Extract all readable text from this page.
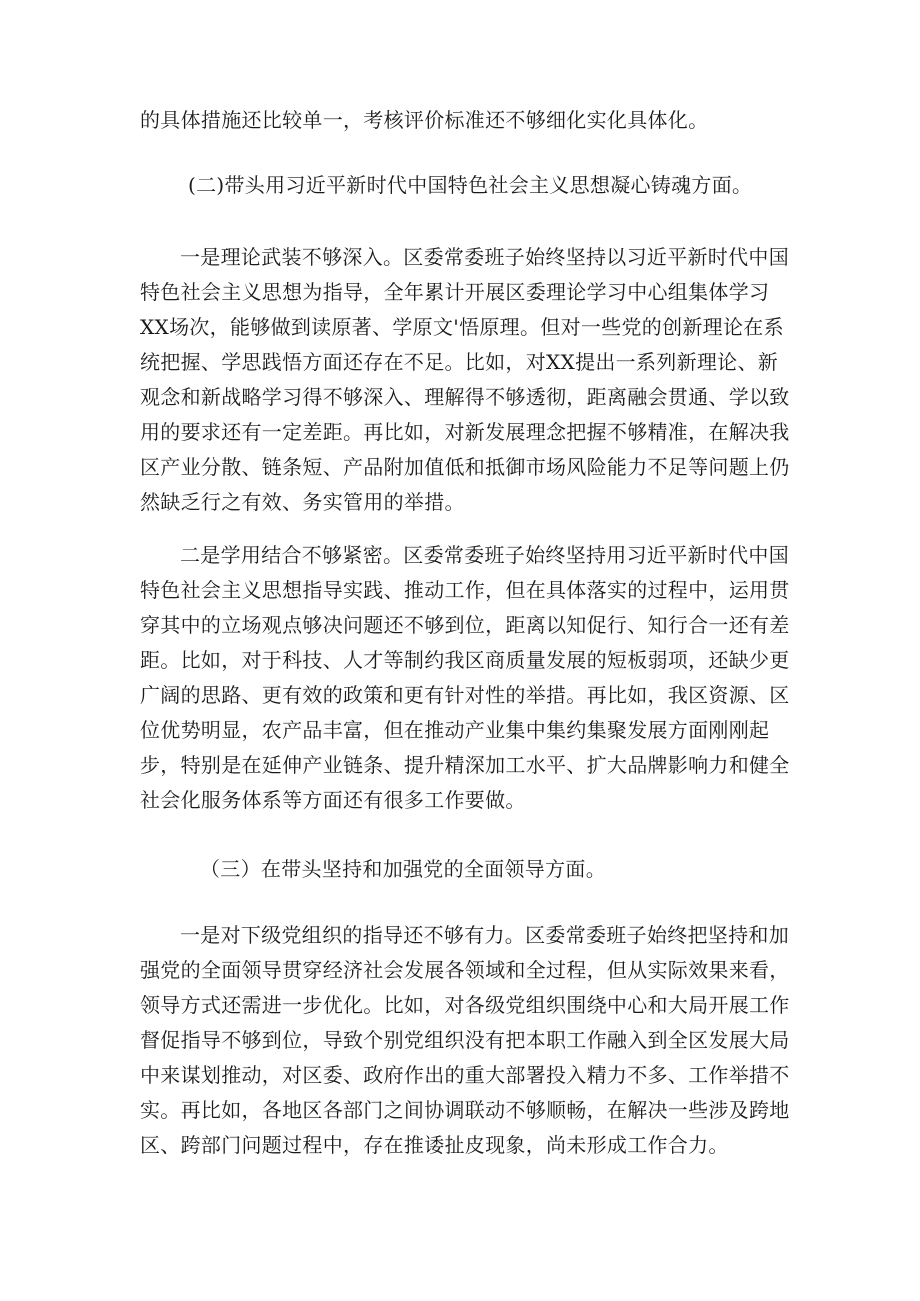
的具体措施还比较单一，考核评价标准还不够细化实化具体化。

(二)带头用习近平新时代中国特色社会主义思想凝心铸魂方面。

一是理论武装不够深入。区委常委班子始终坚持以习近平新时代中国特色社会主义思想为指导，全年累计开展区委理论学习中心组集体学习XX场次，能够做到读原著、学原文'悟原理。但对一些党的创新理论在系统把握、学思践悟方面还存在不足。比如，对XX提出一系列新理论、新观念和新战略学习得不够深入、理解得不够透彻，距离融会贯通、学以致用的要求还有一定差距。再比如，对新发展理念把握不够精准，在解决我区产业分散、链条短、产品附加值低和抵御市场风险能力不足等问题上仍然缺乏行之有效、务实管用的举措。

二是学用结合不够紧密。区委常委班子始终坚持用习近平新时代中国特色社会主义思想指导实践、推动工作，但在具体落实的过程中，运用贯穿其中的立场观点够决问题还不够到位，距离以知促行、知行合一还有差距。比如，对于科技、人才等制约我区商质量发展的短板弱项，还缺少更广阔的思路、更有效的政策和更有针对性的举措。再比如，我区资源、区位优势明显，农产品丰富，但在推动产业集中集约集聚发展方面刚刚起步，特别是在延伸产业链条、提升精深加工水平、扩大品牌影响力和健全社会化服务体系等方面还有很多工作要做。

（三）在带头坚持和加强党的全面领导方面。

一是对下级党组织的指导还不够有力。区委常委班子始终把坚持和加强党的全面领导贯穿经济社会发展各领域和全过程，但从实际效果来看，领导方式还需进一步优化。比如，对各级党组织围绕中心和大局开展工作督促指导不够到位，导致个别党组织没有把本职工作融入到全区发展大局中来谋划推动，对区委、政府作出的重大部署投入精力不多、工作举措不实。再比如，各地区各部门之间协调联动不够顺畅，在解决一些涉及跨地区、跨部门问题过程中，存在推诿扯皮现象，尚未形成工作合力。
